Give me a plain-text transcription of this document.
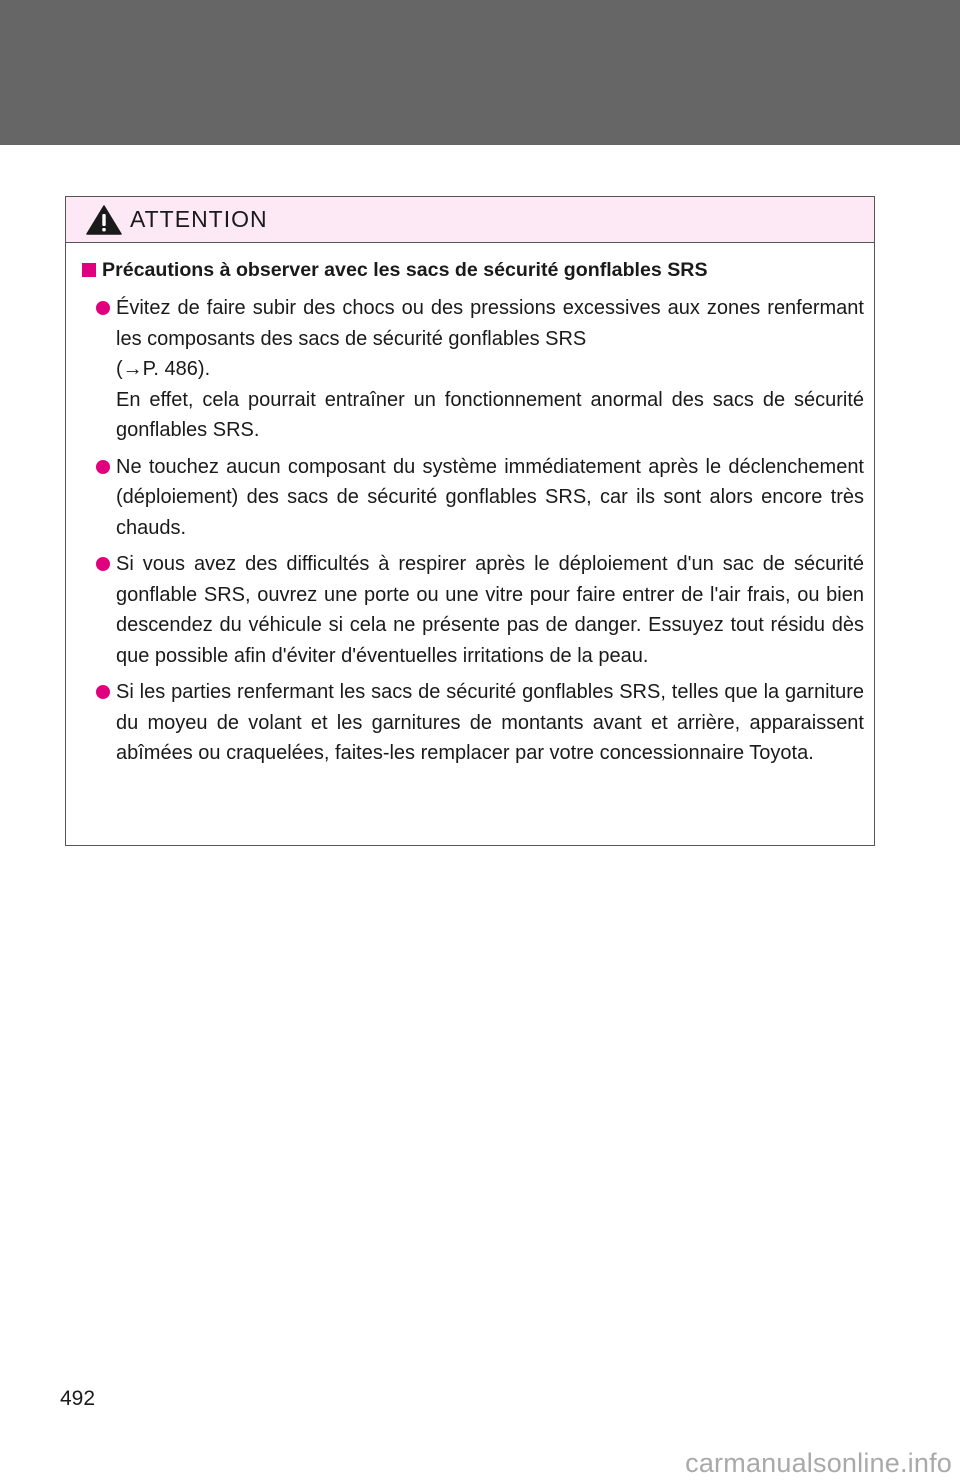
ATTENTION
Précautions à observer avec les sacs de sécurité gonflables SRS
Évitez de faire subir des chocs ou des pressions excessives aux zones renfermant les composants des sacs de sécurité gonflables SRS
(→P. 486).
En effet, cela pourrait entraîner un fonctionnement anormal des sacs de sécurité gonflables SRS.
Ne touchez aucun composant du système immédiatement après le déclenchement (déploiement) des sacs de sécurité gonflables SRS, car ils sont alors encore très chauds.
Si vous avez des difficultés à respirer après le déploiement d'un sac de sécurité gonflable SRS, ouvrez une porte ou une vitre pour faire entrer de l'air frais, ou bien descendez du véhicule si cela ne présente pas de danger. Essuyez tout résidu dès que possible afin d'éviter d'éventuelles irritations de la peau.
Si les parties renfermant les sacs de sécurité gonflables SRS, telles que la garniture du moyeu de volant et les garnitures de montants avant et arrière, apparaissent abîmées ou craquelées, faites-les remplacer par votre concessionnaire Toyota.
492
carmanualsonline.info
